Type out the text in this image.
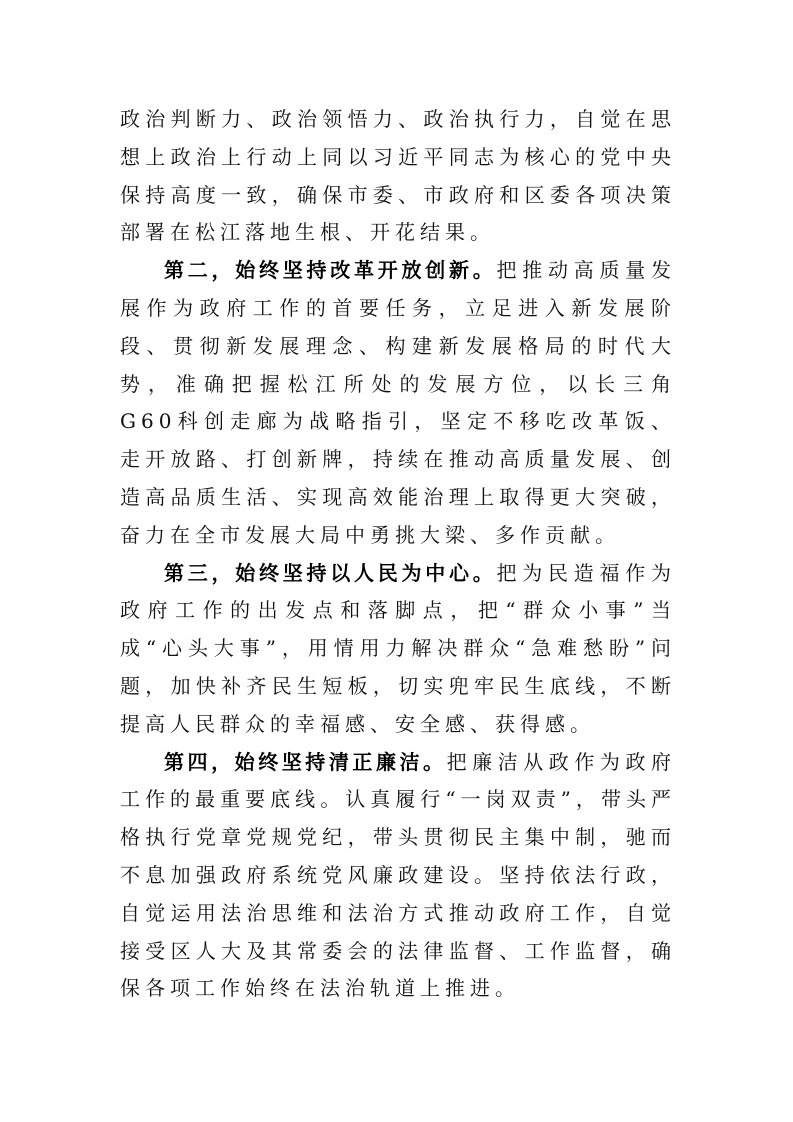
政治判断力、政治领悟力、政治执行力，自觉在思想上政治上行动上同以习近平同志为核心的党中央保持高度一致，确保市委、市政府和区委各项决策部署在松江落地生根、开花结果。

第二，始终坚持改革开放创新。把推动高质量发展作为政府工作的首要任务，立足进入新发展阶段、贯彻新发展理念、构建新发展格局的时代大势，准确把握松江所处的发展方位，以长三角G60科创走廊为战略指引，坚定不移吃改革饭、走开放路、打创新牌，持续在推动高质量发展、创造高品质生活、实现高效能治理上取得更大突破，奋力在全市发展大局中勇挑大梁、多作贡献。

第三，始终坚持以人民为中心。把为民造福作为政府工作的出发点和落脚点，把“群众小事”当成“心头大事”，用情用力解决群众“急难愁盼”问题，加快补齐民生短板，切实兜牢民生底线，不断提高人民群众的幸福感、安全感、获得感。

第四，始终坚持清正廉洁。把廉洁从政作为政府工作的最重要底线。认真履行“一岗双责”，带头严格执行党章党规党纪，带头贯彻民主集中制，驰而不息加强政府系统党风廉政建设。坚持依法行政，自觉运用法治思维和法治方式推动政府工作，自觉接受区人大及其常委会的法律监督、工作监督，确保各项工作始终在法治轨道上推进。
